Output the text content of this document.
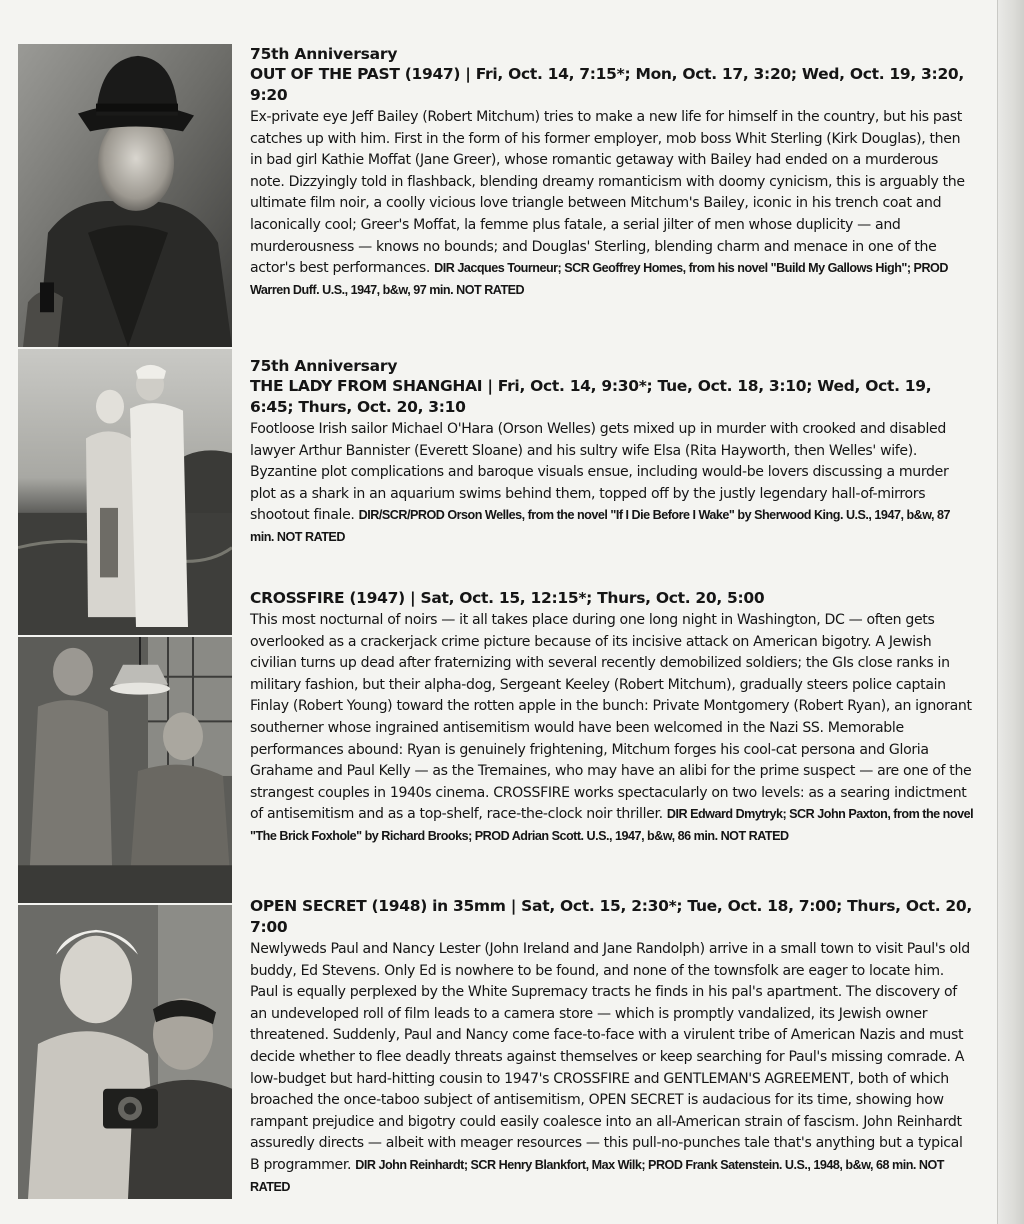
75th Anniversary
OUT OF THE PAST (1947) | Fri, Oct. 14, 7:15*; Mon, Oct. 17, 3:20; Wed, Oct. 19, 3:20, 9:20
Ex-private eye Jeff Bailey (Robert Mitchum) tries to make a new life for himself in the country, but his past catches up with him. First in the form of his former employer, mob boss Whit Sterling (Kirk Douglas), then in bad girl Kathie Moffat (Jane Greer), whose romantic getaway with Bailey had ended on a murderous note. Dizzyingly told in flashback, blending dreamy romanticism with doomy cynicism, this is arguably the ultimate film noir, a coolly vicious love triangle between Mitchum's Bailey, iconic in his trench coat and laconically cool; Greer's Moffat, la femme plus fatale, a serial jilter of men whose duplicity — and murderousness — knows no bounds; and Douglas' Sterling, blending charm and menace in one of the actor's best performances. DIR Jacques Tourneur; SCR Geoffrey Homes, from his novel "Build My Gallows High"; PROD Warren Duff. U.S., 1947, b&w, 97 min. NOT RATED
75th Anniversary
THE LADY FROM SHANGHAI | Fri, Oct. 14, 9:30*; Tue, Oct. 18, 3:10; Wed, Oct. 19, 6:45; Thurs, Oct. 20, 3:10
Footloose Irish sailor Michael O'Hara (Orson Welles) gets mixed up in murder with crooked and disabled lawyer Arthur Bannister (Everett Sloane) and his sultry wife Elsa (Rita Hayworth, then Welles' wife). Byzantine plot complications and baroque visuals ensue, including would-be lovers discussing a murder plot as a shark in an aquarium swims behind them, topped off by the justly legendary hall-of-mirrors shootout finale. DIR/SCR/PROD Orson Welles, from the novel "If I Die Before I Wake" by Sherwood King. U.S., 1947, b&w, 87 min. NOT RATED
CROSSFIRE (1947) | Sat, Oct. 15, 12:15*; Thurs, Oct. 20, 5:00
This most nocturnal of noirs — it all takes place during one long night in Washington, DC — often gets overlooked as a crackerjack crime picture because of its incisive attack on American bigotry. A Jewish civilian turns up dead after fraternizing with several recently demobilized soldiers; the GIs close ranks in military fashion, but their alpha-dog, Sergeant Keeley (Robert Mitchum), gradually steers police captain Finlay (Robert Young) toward the rotten apple in the bunch: Private Montgomery (Robert Ryan), an ignorant southerner whose ingrained antisemitism would have been welcomed in the Nazi SS. Memorable performances abound: Ryan is genuinely frightening, Mitchum forges his cool-cat persona and Gloria Grahame and Paul Kelly — as the Tremaines, who may have an alibi for the prime suspect — are one of the strangest couples in 1940s cinema. CROSSFIRE works spectacularly on two levels: as a searing indictment of antisemitism and as a top-shelf, race-the-clock noir thriller. DIR Edward Dmytryk; SCR John Paxton, from the novel "The Brick Foxhole" by Richard Brooks; PROD Adrian Scott. U.S., 1947, b&w, 86 min. NOT RATED
OPEN SECRET (1948) in 35mm | Sat, Oct. 15, 2:30*; Tue, Oct. 18, 7:00; Thurs, Oct. 20, 7:00
Newlyweds Paul and Nancy Lester (John Ireland and Jane Randolph) arrive in a small town to visit Paul's old buddy, Ed Stevens. Only Ed is nowhere to be found, and none of the townsfolk are eager to locate him. Paul is equally perplexed by the White Supremacy tracts he finds in his pal's apartment. The discovery of an undeveloped roll of film leads to a camera store — which is promptly vandalized, its Jewish owner threatened. Suddenly, Paul and Nancy come face-to-face with a virulent tribe of American Nazis and must decide whether to flee deadly threats against themselves or keep searching for Paul's missing comrade. A low-budget but hard-hitting cousin to 1947's CROSSFIRE and GENTLEMAN'S AGREEMENT, both of which broached the once-taboo subject of antisemitism, OPEN SECRET is audacious for its time, showing how rampant prejudice and bigotry could easily coalesce into an all-American strain of fascism. John Reinhardt assuredly directs — albeit with meager resources — this pull-no-punches tale that's anything but a typical B programmer. DIR John Reinhardt; SCR Henry Blankfort, Max Wilk; PROD Frank Satenstein. U.S., 1948, b&w, 68 min. NOT RATED
